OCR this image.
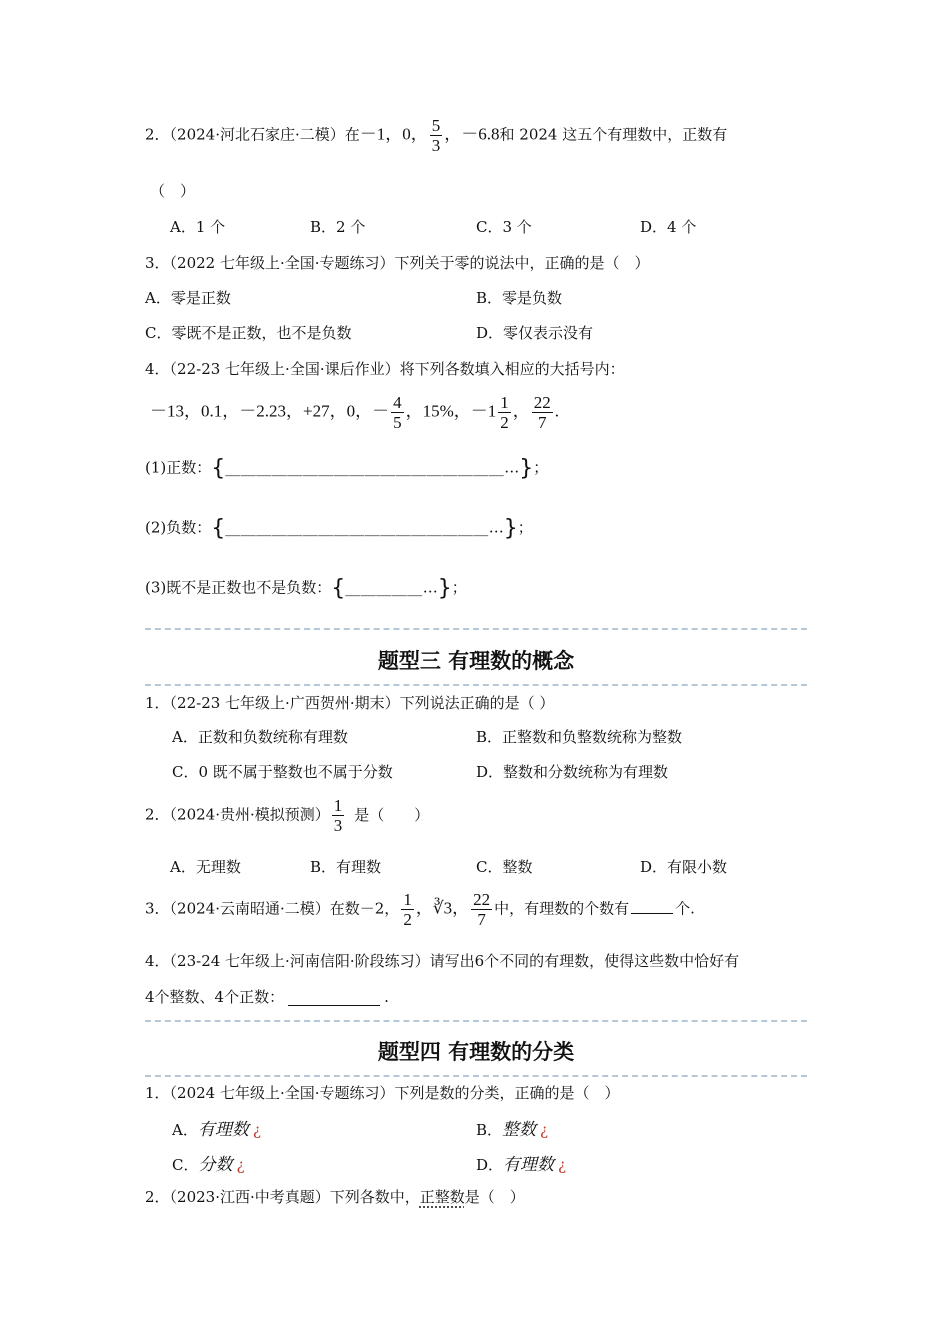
2．（2024·河北石家庄·二模）在－1，0， $\frac{5}{3}$ ，－6.8和 2024 这五个有理数中，正数有
（　）
A．1 个	B．2 个	C．3 个	D．4 个
3．（2022 七年级上·全国·专题练习）下列关于零的说法中，正确的是（　）
A．零是正数	B．零是负数
C．零既不是正数，也不是负数	D．零仅表示没有
4．（22-23 七年级上·全国·课后作业）将下列各数填入相应的大括号内：
－13，0.1，－2.23，+27，0，－ $\frac{4}{5}$ ，15%，$-1 \frac{1}{2}$ ， $\frac{22}{7}$ .
(1)正数：{＿＿＿＿＿＿＿＿＿＿＿＿＿＿＿＿＿＿…}；
(2)负数：{＿＿＿＿＿＿＿＿＿＿＿＿＿＿＿＿＿…}；
(3)既不是正数也不是负数：{＿＿＿＿＿…}；
题型三 有理数的概念
1．（22-23 七年级上·广西贺州·期末）下列说法正确的是（ ）
A．正数和负数统称有理数	B．正整数和负整数统称为整数
C．0 既不属于整数也不属于分数	D．整数和分数统称为有理数
2．（2024·贵州·模拟预测） $\frac{1}{3}$ 是（　　）
A．无理数	B．有理数	C．整数	D．有限小数
3．（2024·云南昭通·二模）在数－2， $\frac{1}{2}$ ，∛3， $\frac{22}{7}$ 中，有理数的个数有	个.
4．（23-24 七年级上·河南信阳·阶段练习）请写出6个不同的有理数，使得这些数中恰好有
4个整数、4个正数：	.
题型四 有理数的分类
1．（2024 七年级上·全国·专题练习）下列是数的分类，正确的是（　）
A．有理数 ¿	B．整数 ¿
C．分数 ¿	D．有理数 ¿
2．（2023·江西·中考真题）下列各数中，正整数是（　）
